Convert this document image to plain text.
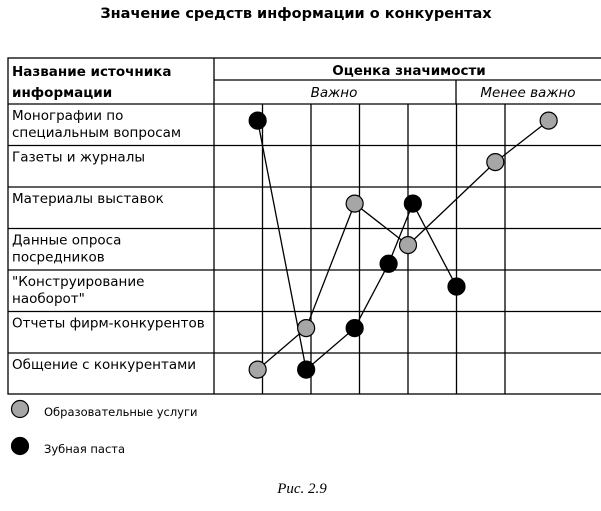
Значение средств информации о конкурентах
Название источника
информации
Оценка значимости
Важно	Менее важно
Монографии по специальным вопросам
Газеты и журналы
Материалы выставок
Данные опроса посредников
"Конструирование наоборот"
Отчеты фирм-конкурентов
Общение с конкурентами
Образовательные услуги
Зубная паста
Рис. 2.9
